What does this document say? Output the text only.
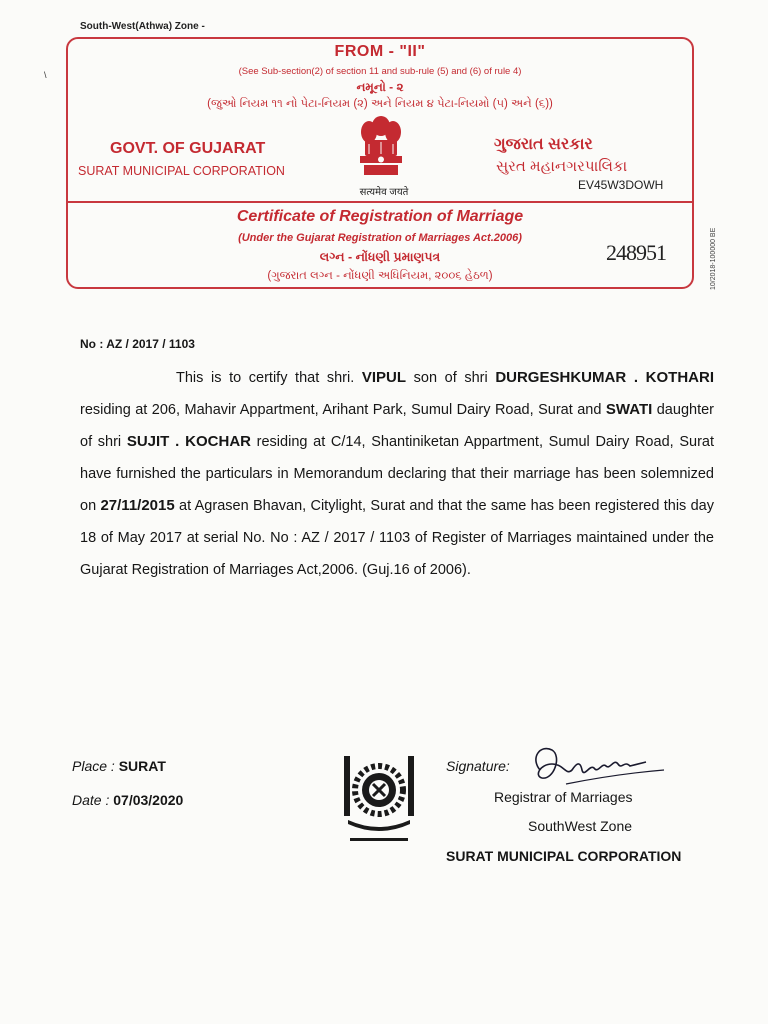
South-West(Athwa) Zone -
\
FROM - "II"
(See Sub-section(2) of section 11 and sub-rule (5) and (6) of rule 4)
નમૂનો - ૨
(જુઓ નિયમ ૧૧ નો પેટા-નિયમ (૨) અને નિયમ ૪ પેટા-નિયમો (૫) અને (૬))
GOVT. OF GUJARAT
SURAT MUNICIPAL CORPORATION
ગુજરાત સરકાર
સુરત મહાનગરપાલિકા
EV45W3DOWH
सत्यमेव जयते
Certificate of Registration of Marriage
(Under the Gujarat Registration of Marriages Act.2006)
લગ્ન - નોંધણી પ્રમાણપત્ર
(ગુજરાત લગ્ન - નોંધણી અધિનિયમ, ૨૦૦૬ હેઠળ)
248951	10/2018-100000 BE
No : AZ / 2017 / 1103
This is to certify that shri. VIPUL son of shri DURGESHKUMAR . KOTHARI residing at 206, Mahavir Appartment, Arihant Park, Sumul Dairy Road, Surat and SWATI daughter of shri SUJIT . KOCHAR residing at C/14, Shantiniketan Appartment, Sumul Dairy Road, Surat have furnished the particulars in Memorandum declaring that their marriage has been solemnized on 27/11/2015 at Agrasen Bhavan, Citylight, Surat and that the same has been registered this day 18 of May 2017 at serial No. No : AZ / 2017 / 1103 of Register of Marriages maintained under the Gujarat Registration of Marriages Act,2006. (Guj.16 of 2006).
Place : SURAT
Date : 07/03/2020
Signature:
Registrar of Marriages
SouthWest Zone
SURAT MUNICIPAL CORPORATION
